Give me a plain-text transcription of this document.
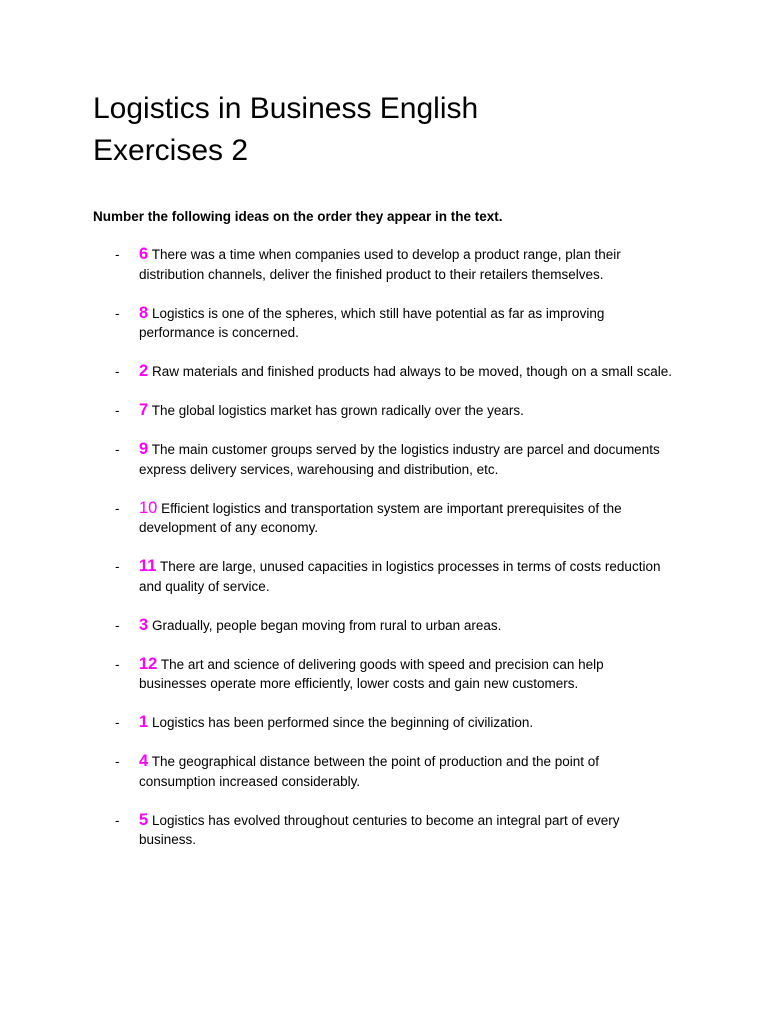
Logistics in Business English Exercises 2

Number the following ideas on the order they appear in the text.

- 6 There was a time when companies used to develop a product range, plan their distribution channels, deliver the finished product to their retailers themselves.
- 8 Logistics is one of the spheres, which still have potential as far as improving performance is concerned.
- 2 Raw materials and finished products had always to be moved, though on a small scale.
- 7 The global logistics market has grown radically over the years.
- 9 The main customer groups served by the logistics industry are parcel and documents express delivery services, warehousing and distribution, etc.
- 10 Efficient logistics and transportation system are important prerequisites of the development of any economy.
- 11 There are large, unused capacities in logistics processes in terms of costs reduction and quality of service.
- 3 Gradually, people began moving from rural to urban areas.
- 12 The art and science of delivering goods with speed and precision can help businesses operate more efficiently, lower costs and gain new customers.
- 1 Logistics has been performed since the beginning of civilization.
- 4 The geographical distance between the point of production and the point of consumption increased considerably.
- 5 Logistics has evolved throughout centuries to become an integral part of every business.
